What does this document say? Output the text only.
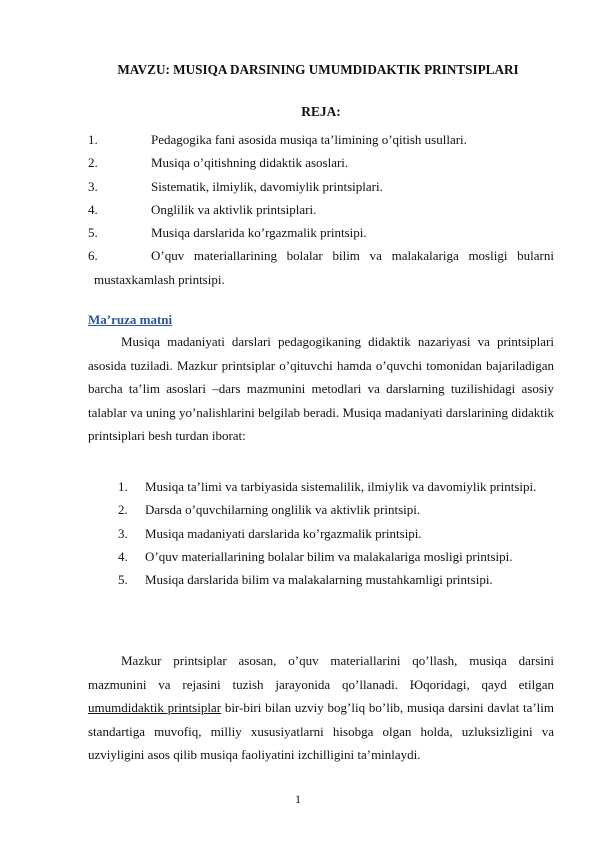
MAVZU: MUSIQA DARSINING UMUMDIDAKTIK PRINTSIPLARI
REJA:
1.	Pedagogika fani asosida musiqa ta’limining o’qitish usullari.
2.	Musiqa o’qitishning didaktik asoslari.
3.	Sistematik, ilmiylik, davomiylik printsiplari.
4.	Onglilik va aktivlik printsiplari.
5.	Musiqa darslarida ko’rgazmalik printsipi.
6.	O’quv materiallarining bolalar bilim va malakalariga mosligi bularni
mustaxkamlash printsipi.
Ma’ruza matni

Musiqa madaniyati darslari pedagogikaning didaktik nazariyasi va printsiplari asosida tuziladi. Mazkur printsiplar o’qituvchi hamda o’quvchi tomonidan bajariladigan barcha ta’lim asoslari –dars mazmunini metodlari va darslarning tuzilishidagi asosiy talablar va uning yo’nalishlarini belgilab beradi. Musiqa madaniyati darslarining didaktik printsiplari besh turdan iborat:

1. Musiqa ta’limi va tarbiyasida sistemalilik, ilmiylik va davomiylik printsipi.
2. Darsda o’quvchilarning onglilik va aktivlik printsipi.
3. Musiqa madaniyati darslarida ko’rgazmalik printsipi.
4. O’quv materiallarining bolalar bilim va malakalariga mosligi printsipi.
5. Musiqa darslarida bilim va malakalarning mustahkamligi printsipi.

Mazkur printsiplar asosan, o’quv materiallarini qo’llash, musiqa darsini mazmunini va rejasini tuzish jarayonida qo’llanadi. Юqoridagi, qayd etilgan umumdidaktik printsiplar bir-biri bilan uzviy bog’liq bo’lib, musiqa darsini davlat ta’lim standartiga muvofiq, milliy xususiyatlarni hisobga olgan holda, uzluksizligini va uzviyligini asos qilib musiqa faoliyatini izchilligini ta’minlaydi.

1
